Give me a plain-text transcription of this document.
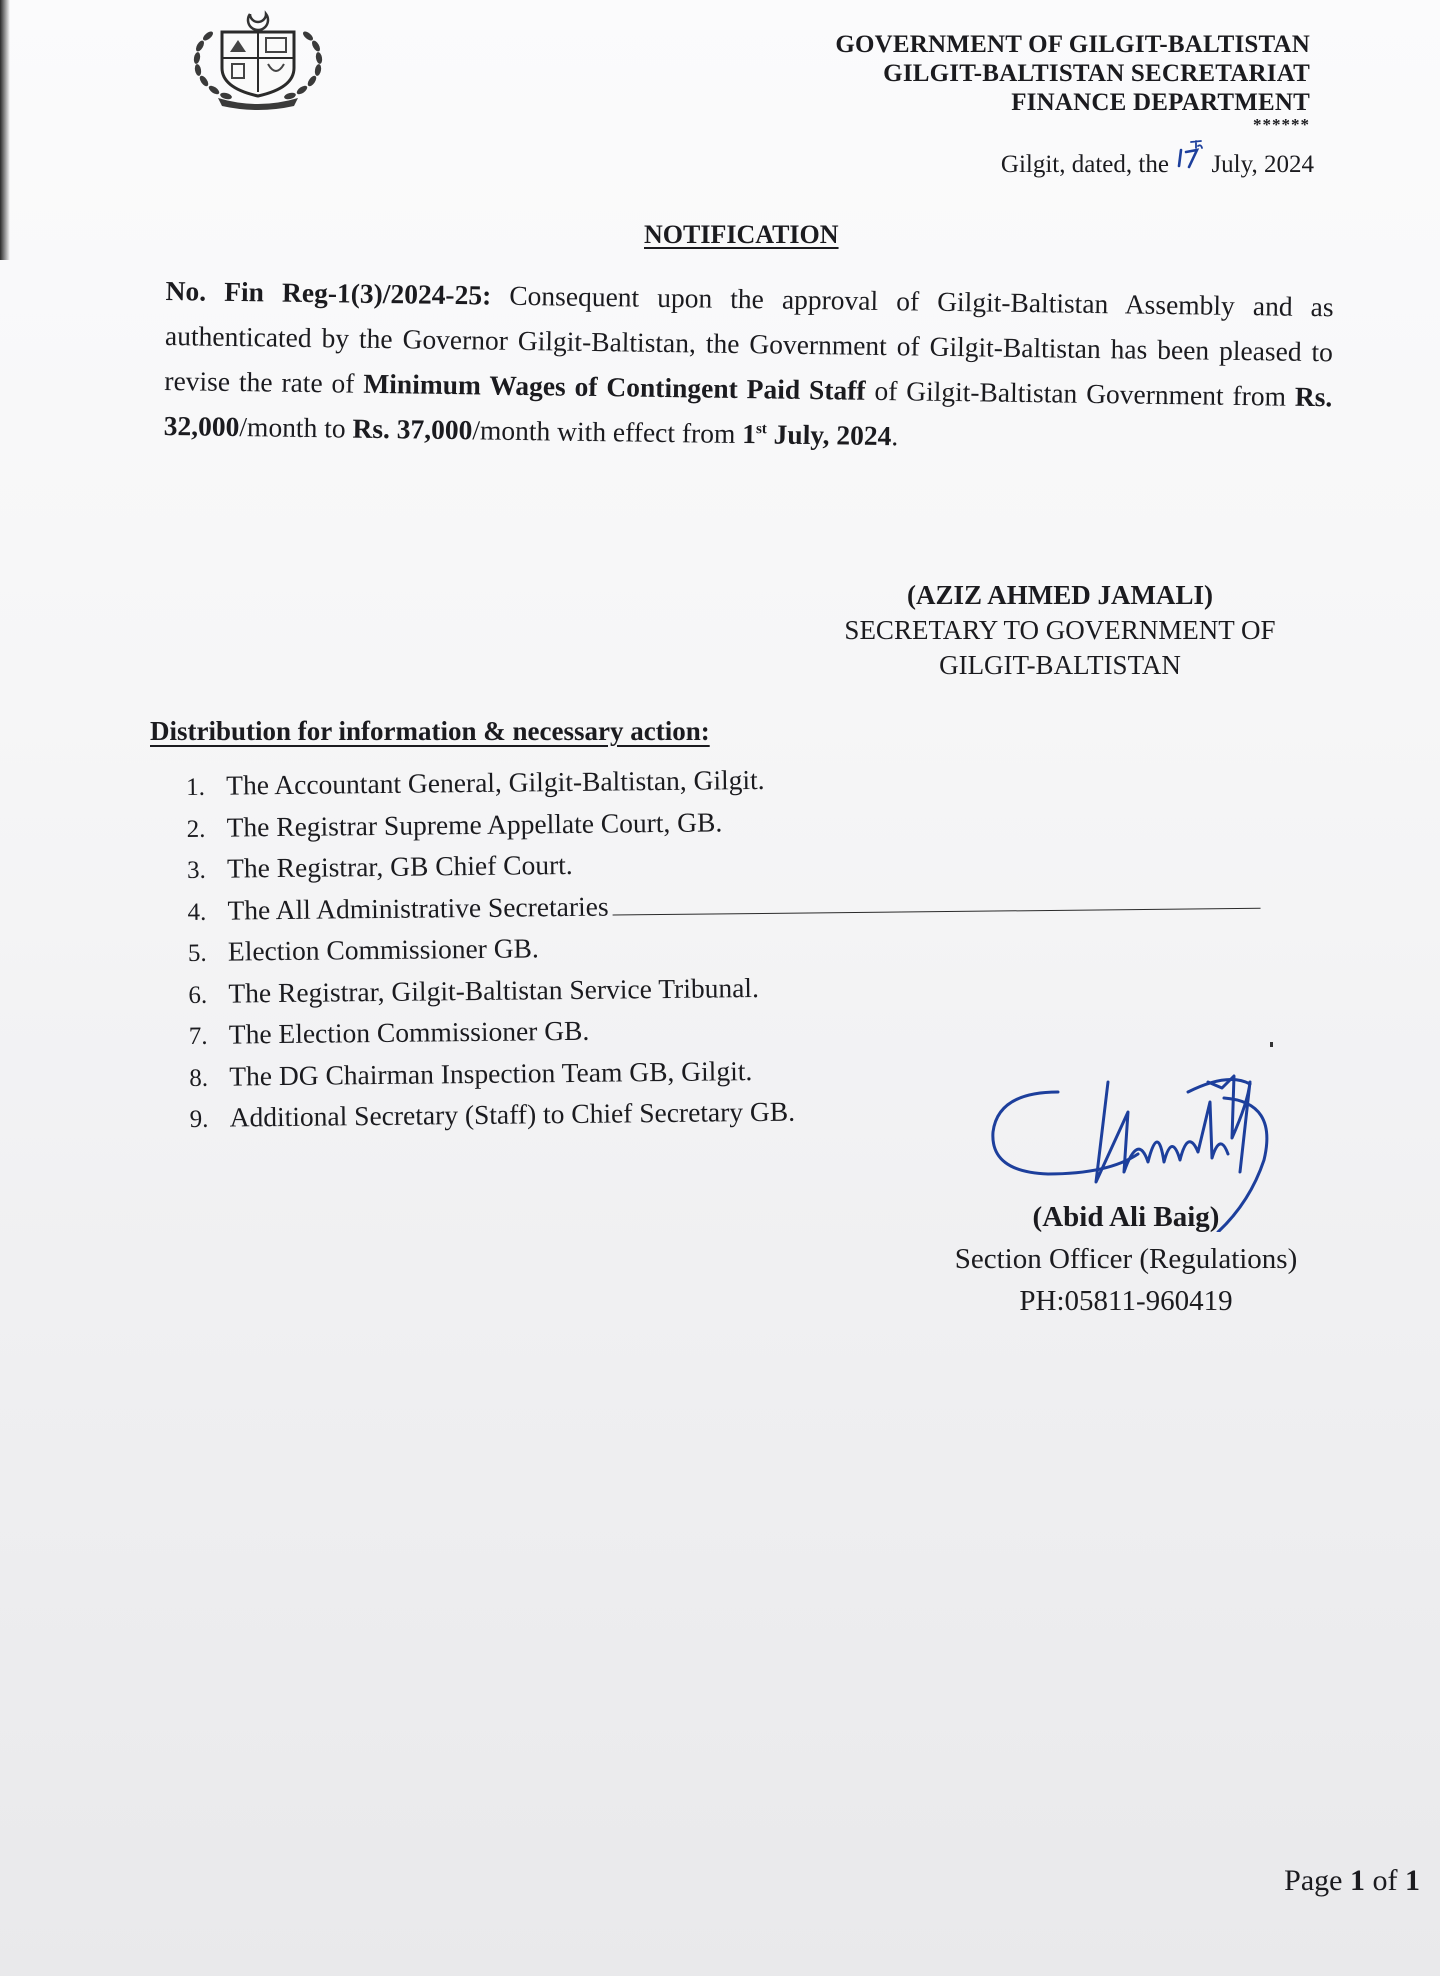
GOVERNMENT OF GILGIT-BALTISTAN
GILGIT-BALTISTAN SECRETARIAT
FINANCE DEPARTMENT
******
Gilgit, dated, the July, 2024
NOTIFICATION
No. Fin Reg-1(3)/2024-25: Consequent upon the approval of Gilgit-Baltistan Assembly and as authenticated by the Governor Gilgit-Baltistan, the Government of Gilgit-Baltistan has been pleased to revise the rate of Minimum Wages of Contingent Paid Staff of Gilgit-Baltistan Government from Rs. 32,000/month to Rs. 37,000/month with effect from 1st July, 2024.
(AZIZ AHMED JAMALI)
SECRETARY TO GOVERNMENT OF
GILGIT-BALTISTAN
Distribution for information & necessary action:
1. The Accountant General, Gilgit-Baltistan, Gilgit.
2. The Registrar Supreme Appellate Court, GB.
3. The Registrar, GB Chief Court.
4. The All Administrative Secretaries
5. Election Commissioner GB.
6. The Registrar, Gilgit-Baltistan Service Tribunal.
7. The Election Commissioner GB.
8. The DG Chairman Inspection Team GB, Gilgit.
9. Additional Secretary (Staff) to Chief Secretary GB.
(Abid Ali Baig)
Section Officer (Regulations)
PH:05811-960419
Page 1 of 1
